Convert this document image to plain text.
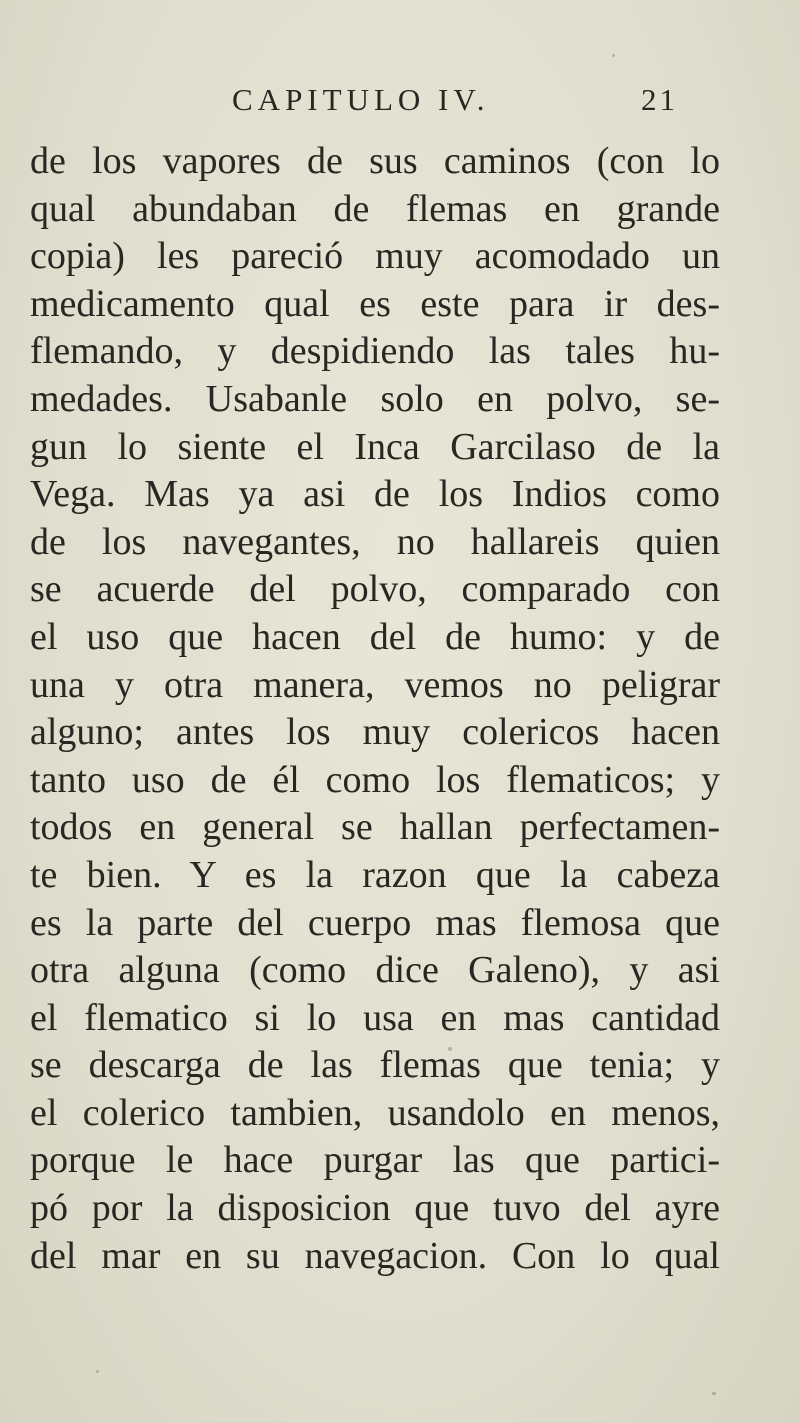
CAPITULO IV.	21
de los vapores de sus caminos (con lo
qual abundaban de flemas en grande
copia) les pareció muy acomodado un
medicamento qual es este para ir des-
flemando, y despidiendo las tales hu-
medades. Usabanle solo en polvo, se-
gun lo siente el Inca Garcilaso de la
Vega. Mas ya asi de los Indios como
de los navegantes, no hallareis quien
se acuerde del polvo, comparado con
el uso que hacen del de humo: y de
una y otra manera, vemos no peligrar
alguno; antes los muy colericos hacen
tanto uso de él como los flematicos; y
todos en general se hallan perfectamen-
te bien. Y es la razon que la cabeza
es la parte del cuerpo mas flemosa que
otra alguna (como dice Galeno), y asi
el flematico si lo usa en mas cantidad
se descarga de las flemas que tenia; y
el colerico tambien, usandolo en menos,
porque le hace purgar las que partici-
pó por la disposicion que tuvo del ayre
del mar en su navegacion. Con lo qual
